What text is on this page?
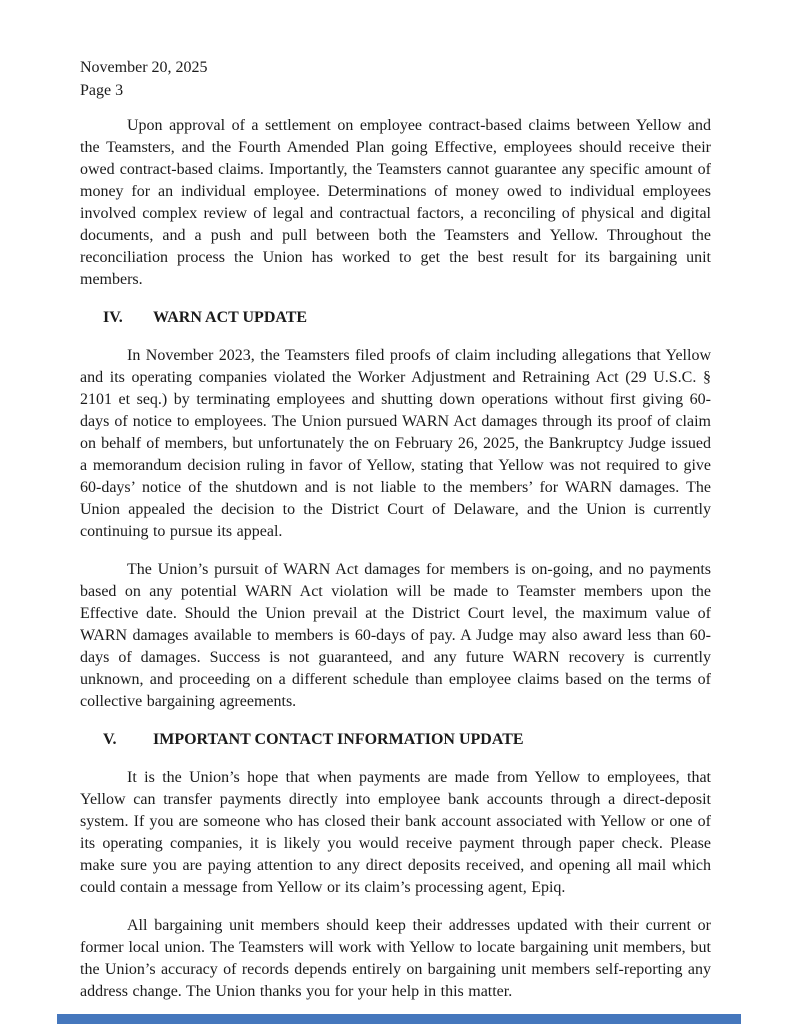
November 20, 2025
Page 3

Upon approval of a settlement on employee contract-based claims between Yellow and the Teamsters, and the Fourth Amended Plan going Effective, employees should receive their owed contract-based claims. Importantly, the Teamsters cannot guarantee any specific amount of money for an individual employee. Determinations of money owed to individual employees involved complex review of legal and contractual factors, a reconciling of physical and digital documents, and a push and pull between both the Teamsters and Yellow. Throughout the reconciliation process the Union has worked to get the best result for its bargaining unit members.

IV. WARN ACT UPDATE

In November 2023, the Teamsters filed proofs of claim including allegations that Yellow and its operating companies violated the Worker Adjustment and Retraining Act (29 U.S.C. § 2101 et seq.) by terminating employees and shutting down operations without first giving 60-days of notice to employees. The Union pursued WARN Act damages through its proof of claim on behalf of members, but unfortunately the on February 26, 2025, the Bankruptcy Judge issued a memorandum decision ruling in favor of Yellow, stating that Yellow was not required to give 60-days’ notice of the shutdown and is not liable to the members’ for WARN damages. The Union appealed the decision to the District Court of Delaware, and the Union is currently continuing to pursue its appeal.

The Union’s pursuit of WARN Act damages for members is on-going, and no payments based on any potential WARN Act violation will be made to Teamster members upon the Effective date. Should the Union prevail at the District Court level, the maximum value of WARN damages available to members is 60-days of pay. A Judge may also award less than 60-days of damages. Success is not guaranteed, and any future WARN recovery is currently unknown, and proceeding on a different schedule than employee claims based on the terms of collective bargaining agreements.

V. IMPORTANT CONTACT INFORMATION UPDATE

It is the Union’s hope that when payments are made from Yellow to employees, that Yellow can transfer payments directly into employee bank accounts through a direct-deposit system. If you are someone who has closed their bank account associated with Yellow or one of its operating companies, it is likely you would receive payment through paper check. Please make sure you are paying attention to any direct deposits received, and opening all mail which could contain a message from Yellow or its claim’s processing agent, Epiq.

All bargaining unit members should keep their addresses updated with their current or former local union. The Teamsters will work with Yellow to locate bargaining unit members, but the Union’s accuracy of records depends entirely on bargaining unit members self-reporting any address change. The Union thanks you for your help in this matter.
